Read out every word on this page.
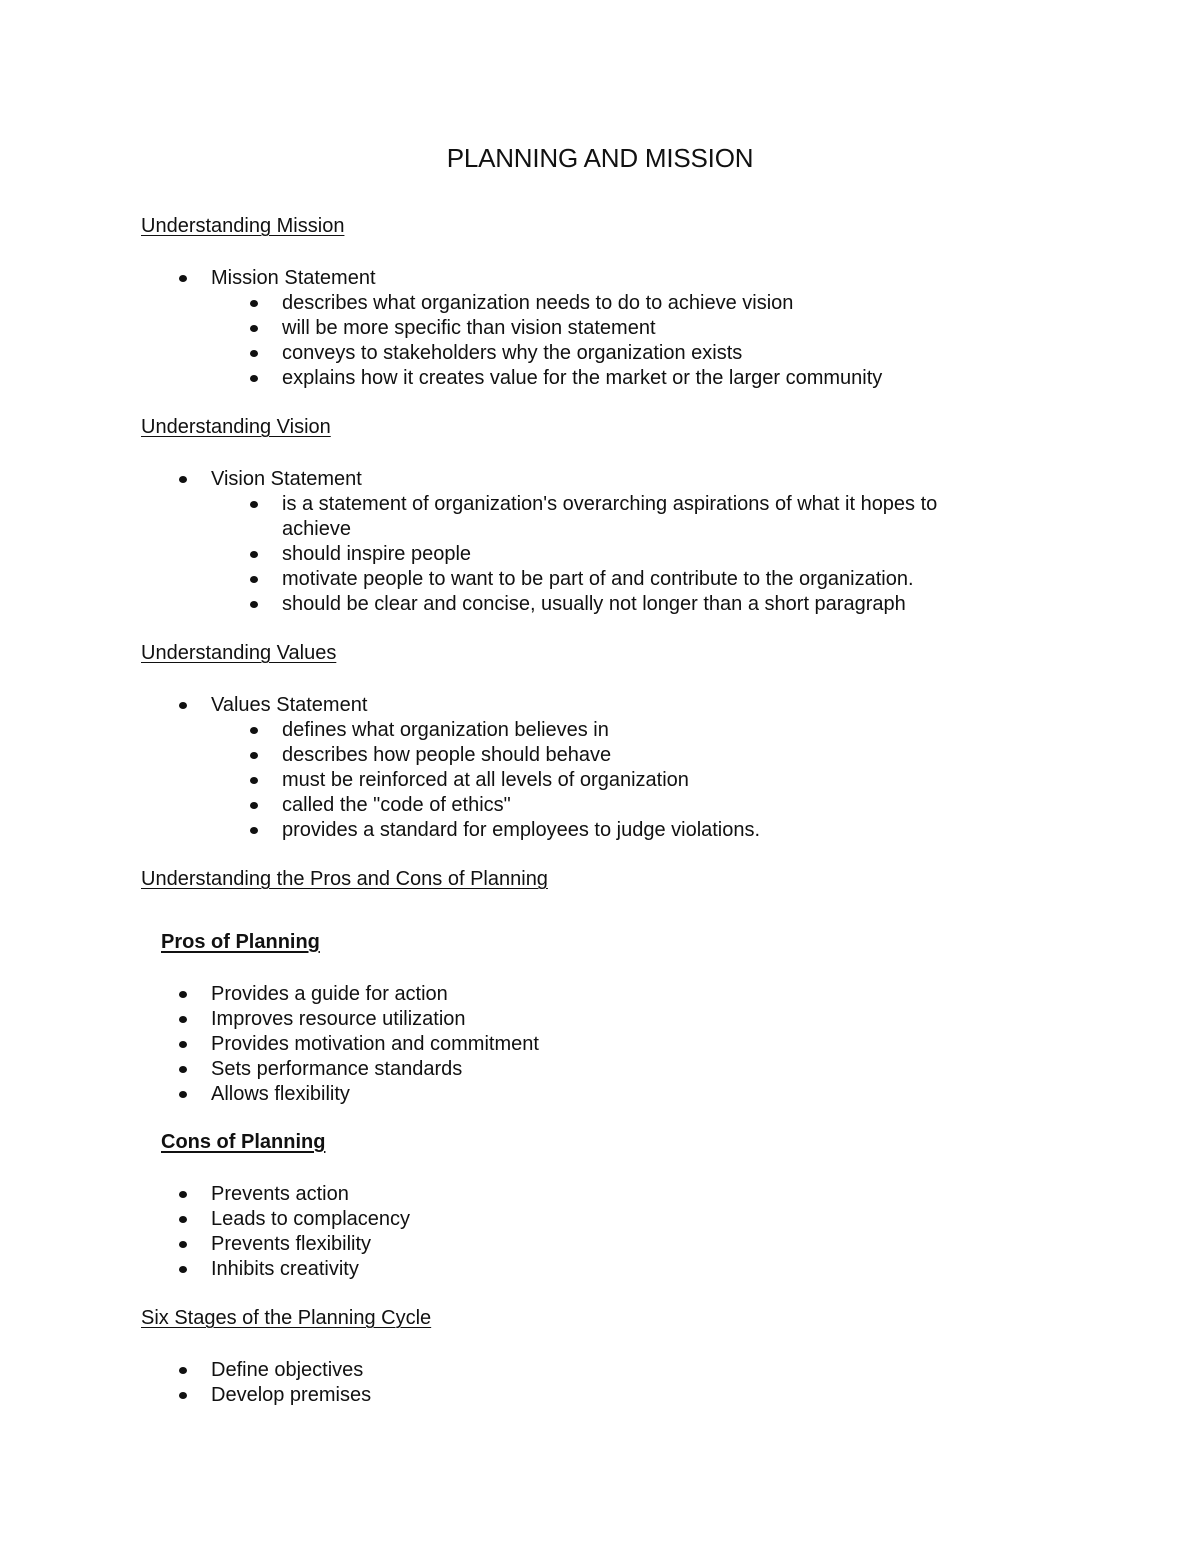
PLANNING AND MISSION
Understanding Mission
Mission Statement
describes what organization needs to do to achieve vision
will be more specific than vision statement
conveys to stakeholders why the organization exists
explains how it creates value for the market or the larger community
Understanding Vision
Vision Statement
is a statement of organization's overarching aspirations of what it hopes to achieve
should inspire people
motivate people to want to be part of and contribute to the organization.
should be clear and concise, usually not longer than a short paragraph
Understanding Values
Values Statement
defines what organization believes in
describes how people should behave
must be reinforced at all levels of organization
called the "code of ethics"
provides a standard for employees to judge violations.
Understanding the Pros and Cons of Planning
Pros of Planning
Provides a guide for action
Improves resource utilization
Provides motivation and commitment
Sets performance standards
Allows flexibility
Cons of Planning
Prevents action
Leads to complacency
Prevents flexibility
Inhibits creativity
Six Stages of the Planning Cycle
Define objectives
Develop premises
